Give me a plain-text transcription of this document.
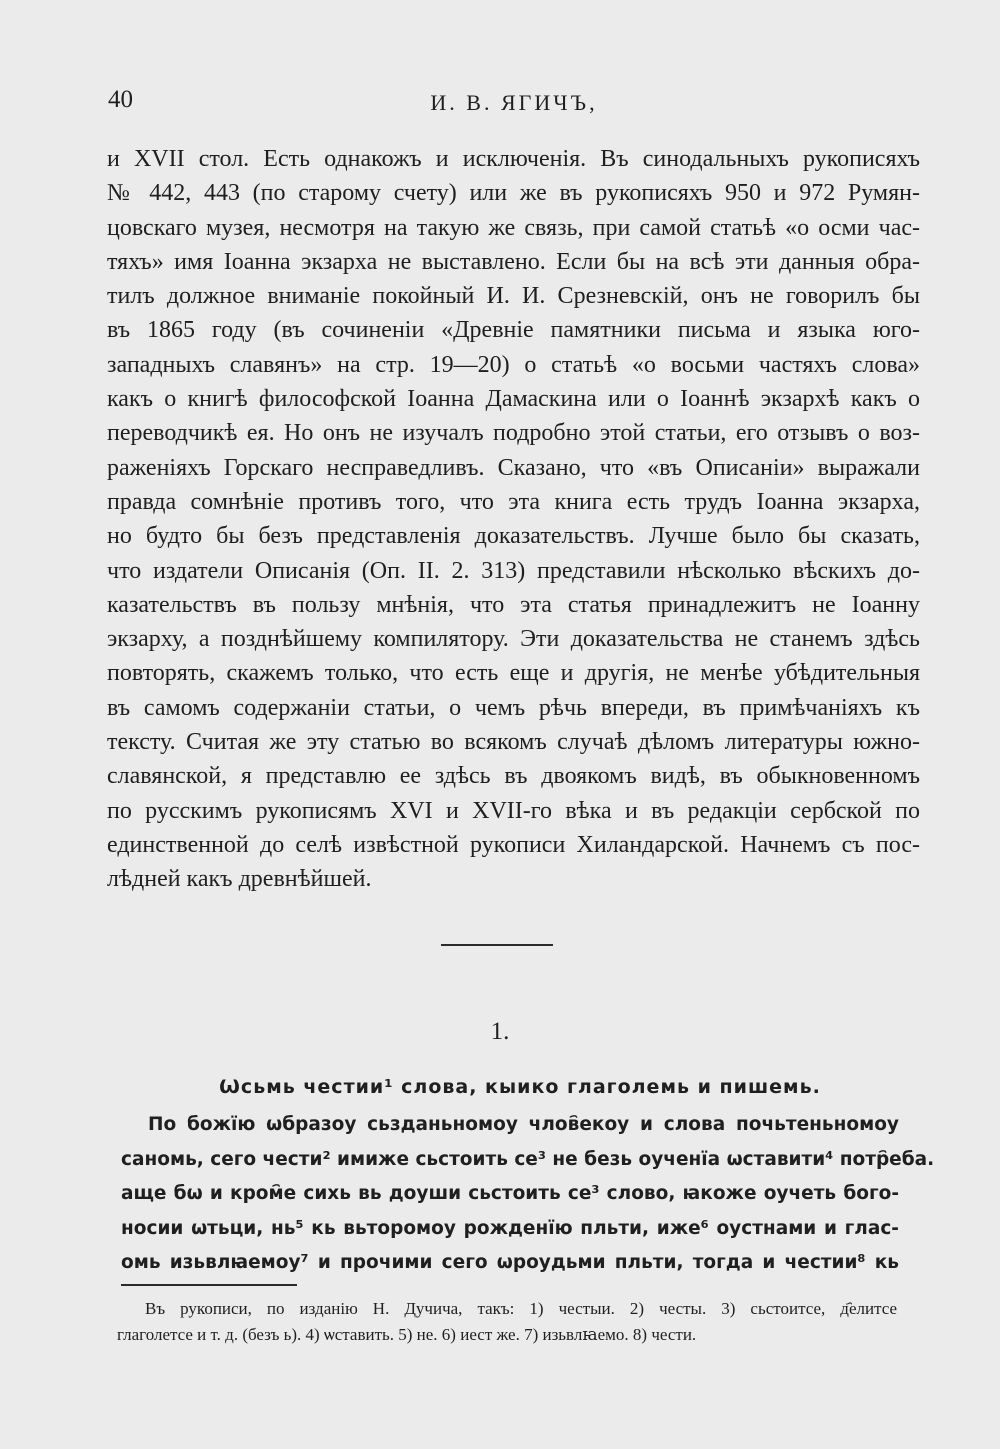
40	И. В. ЯГИЧЪ,
и XVII стол. Есть однакожъ и исключенія. Въ синодальныхъ рукописяхъ
№ 442, 443 (по старому счету) или же въ рукописяхъ 950 и 972 Румян-
цовскаго музея, несмотря на такую же связь, при самой статьѣ «о осми час-
тяхъ» имя Іоанна экзарха не выставлено. Если бы на всѣ эти данныя обра-
тилъ должное вниманіе покойный И. И. Срезневскій, онъ не говорилъ бы
въ 1865 году (въ сочиненіи «Древніе памятники письма и языка юго-
западныхъ славянъ» на стр. 19—20) о статьѣ «о восьми частяхъ слова»
какъ о книгѣ философской Іоанна Дамаскина или о Іоаннѣ экзархѣ какъ о
переводчикѣ ея. Но онъ не изучалъ подробно этой статьи, его отзывъ о воз-
раженіяхъ Горскаго несправедливъ. Сказано, что «въ Описаніи» выражали
правда сомнѣніе противъ того, что эта книга есть трудъ Іоанна экзарха,
но будто бы безъ представленія доказательствъ. Лучше было бы сказать,
что издатели Описанія (Оп. II. 2. 313) представили нѣсколько вѣскихъ до-
казательствъ въ пользу мнѣнія, что эта статья принадлежитъ не Іоанну
экзарху, а позднѣйшему компилятору. Эти доказательства не станемъ здѣсь
повторять, скажемъ только, что есть еще и другія, не менѣе убѣдительныя
въ самомъ содержаніи статьи, о чемъ рѣчь впереди, въ примѣчаніяхъ къ
тексту. Считая же эту статью во всякомъ случаѣ дѣломъ литературы южно-
славянской, я представлю ее здѣсь въ двоякомъ видѣ, въ обыкновенномъ
по русскимъ рукописямъ XVI и XVII-го вѣка и въ редакціи сербской по
единственной до селѣ извѣстной рукописи Хиландарской. Начнемъ съ пос-
лѣдней какъ древнѣйшей.
1.
Ѡсьмь честии¹ слова, кыико глаголемь и пишемь.
По божїю ѡбразоу сьзданьномоу члов҄екоу и слова почьтеньномоу
саномь, сего чести² имиже сьстоить се³ не безь оученїа ѡставити⁴ потр҄еба.
аще бѡ и кром҄е сихь вь доуши сьстоить се³ слово, ꙗкоже оучеть бого-
носии ѡтьци, нь⁵ кь вьторомоу рожденїю пльти, иже⁶ оустнами и глас-
омь изьвлꙗемоу⁷ и прочими сего ѡроудьми пльти, тогда и честии⁸ кь
Въ рукописи, по изданію Н. Дучича, такъ: 1) честыи. 2) честы. 3) сьстоитсе, д҄елитсе
глаголетсе и т. д. (безъ ь). 4) ѡставить. 5) не. 6) иест же. 7) изьвлꙗемо. 8) чести.
